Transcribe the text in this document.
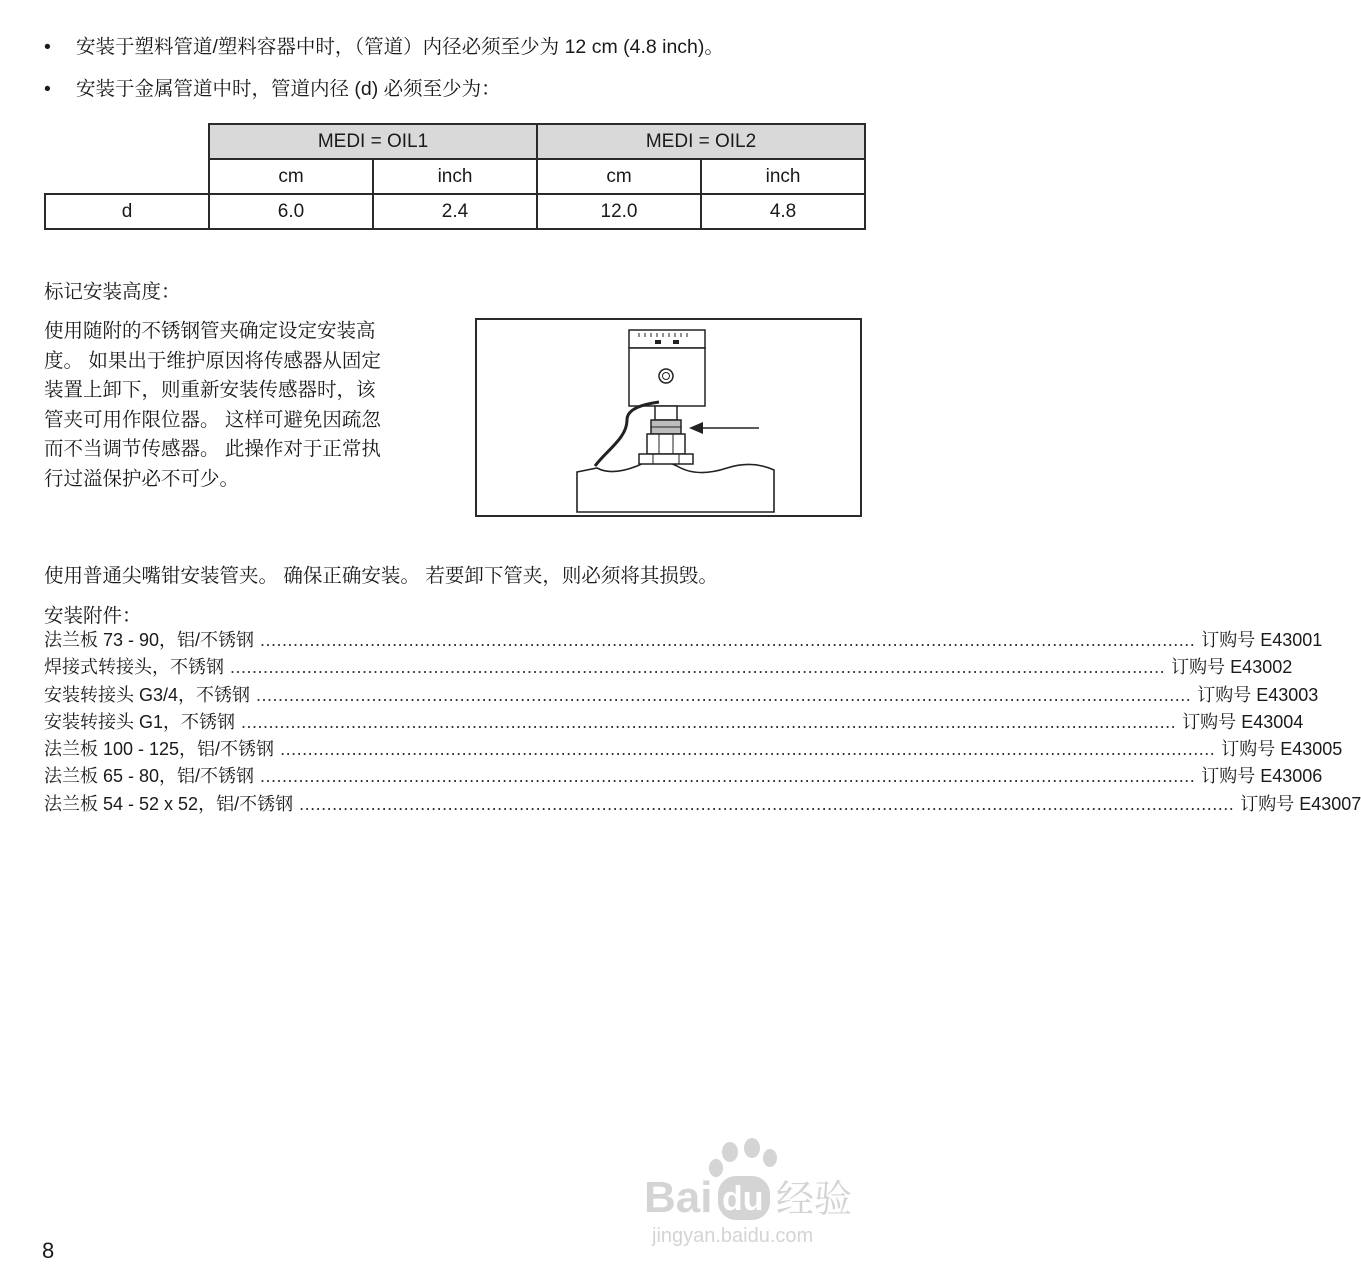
• 安装于塑料管道/塑料容器中时，（管道）内径必须至少为 12 cm (4.8 inch)。
• 安装于金属管道中时，管道内径 (d) 必须至少为：
	MEDI = OIL1		MEDI = OIL2	
	cm	inch	cm	inch
d	6.0	2.4	12.0	4.8
标记安装高度：
使用随附的不锈钢管夹确定设定安装高
度。 如果出于维护原因将传感器从固定
装置上卸下，则重新安装传感器时，该
管夹可用作限位器。 这样可避免因疏忽
而不当调节传感器。 此操作对于正常执
行过溢保护必不可少。
使用普通尖嘴钳安装管夹。 确保正确安装。 若要卸下管夹，则必须将其损毁。
安装附件：
法兰板 73 - 90，铝/不锈钢 .......................................................................................................................................................................... 订购号 E43001
焊接式转接头，不锈钢 .......................................................................................................................................................................... 订购号 E43002
安装转接头 G3/4，不锈钢 .......................................................................................................................................................................... 订购号 E43003
安装转接头 G1，不锈钢 .......................................................................................................................................................................... 订购号 E43004
法兰板 100 - 125，铝/不锈钢 .......................................................................................................................................................................... 订购号 E43005
法兰板 65 - 80，铝/不锈钢 .......................................................................................................................................................................... 订购号 E43006
法兰板 54 - 52 x 52，铝/不锈钢 .......................................................................................................................................................................... 订购号 E43007
Bai du 经验
jingyan.baidu.com
8
